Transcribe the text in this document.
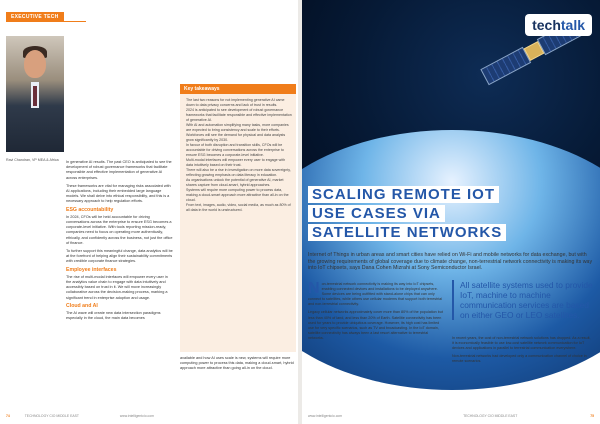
EXECUTIVE TECH
Ravi Chandran, VP MEA & Africa	In generative AI results. The past CEO is anticipated to see the development of robust governance frameworks that facilitate responsible and effective implementation of generative AI across enterprises.

These frameworks are vital for managing risks associated with AI applications, including their embedded large language models. We shall delve into ethical responsibility, and this is a necessary approach to help regulation efforts.

ESG accountability

In 2024, CFOs will be held accountable for driving conversations across the enterprise to ensure ESG becomes a corporate-level initiative. With tools reporting mission-ready, companies need to focus on operating more authentically, ethically, and confidently across the business, not just the office of finance.

To further support this meaningful change, data analytics will be at the forefront of helping align their sustainability commitments with credible corporate finance strategies.

Employee interfaces

The rise of multi-modal interfaces will empower every user in the analytics value chain to engage with data intuitively and accessibly based on trust in it. We will move increasingly collaborative across the decision-making process, marking a significant trend in enterprise adoption and usage.

Cloud and AI

The AI wave will create new data intersection paradigms especially in the cloud, the main data becomes

Key takeaways
The last two reasons for not implementing generative AI came down to data privacy concerns and lack of trust in results.
2024 is anticipated to see development of robust governance frameworks that facilitate responsible and effective implementation of generative AI.
With AI and automation simplifying many tasks, more companies are expected to bring consistency and scale to their efforts.
Workforces will see the demand for physical and data analysts grow significantly by 2030.
In favour of both disruption and transition skills, CFOs will be accountable for driving conversations across the enterprise to ensure ESG becomes a corporate-level initiative.
Multi-modal interfaces will empower every user to engage with data intuitively based on their trust.
There will also be a rise in investigation on more data sovereignty, reflecting growing emphasis on data literacy in education.
As organisations unlock the potential of generative AI, market shares capture from cloud-smart, hybrid approaches.
Systems will require more computing power to process data, making a cloud-smart approach more attractive than all-in on the cloud.
From text, images, audio, video, social media, as much as 80% of all data in the world is unstructured.

available and how AI uses scale is new, systems will require more computing power to process this data, making a cloud-smart, hybrid approach more attractive than going all-in on the cloud.

74	TECHNOLOGY CIO MIDDLE EAST	www.intelligentcio.com
techtalk
SCALING REMOTE IOT
USE CASES VIA
SATELLITE NETWORKS
Internet of Things in urban areas and smart cities have relied on Wi-Fi and mobile networks for data exchange, but with the growing requirements of global coverage due to climate change, non-terrestrial network connectivity is making its way into IoT chipsets, says Dana Cohen Mizrahi at Sony Semiconductor Israel.
N on-terrestrial network connectivity is making its way into IoT chipsets, enabling connected devices and installations to be deployed anywhere. Some devices are being outfitted with stand-alone chips that can only connect to satellites, while others use cellular modems that support both terrestrial and non-terrestrial connectivity.

Legacy cellular networks approximately cover more than 80% of the population but less than 40% of land, and less than 20% of Earth. Satellite connectivity has been used for years to provide ubiquitous coverage. However, its high cost has limited use for very specific scenarios, such as TV and broadcasting. In the IoT domain, satellite connectivity has always been a last resort alternative to terrestrial networks.

All satellite systems used to provide IoT, machine to machine communication services are based on either GEO or LEO satellites.

In recent years, the cost of non-terrestrial network solutions has dropped. As a result, it is economically feasible to use low-cost satellite network communication for IoT devices and applications in parallel to terrestrial communication everywhere.

Non-terrestrial networks had developed only a communication channel of choice in remote scenarios.

www.intelligentcio.com	TECHNOLOGY CIO MIDDLE EAST	75
